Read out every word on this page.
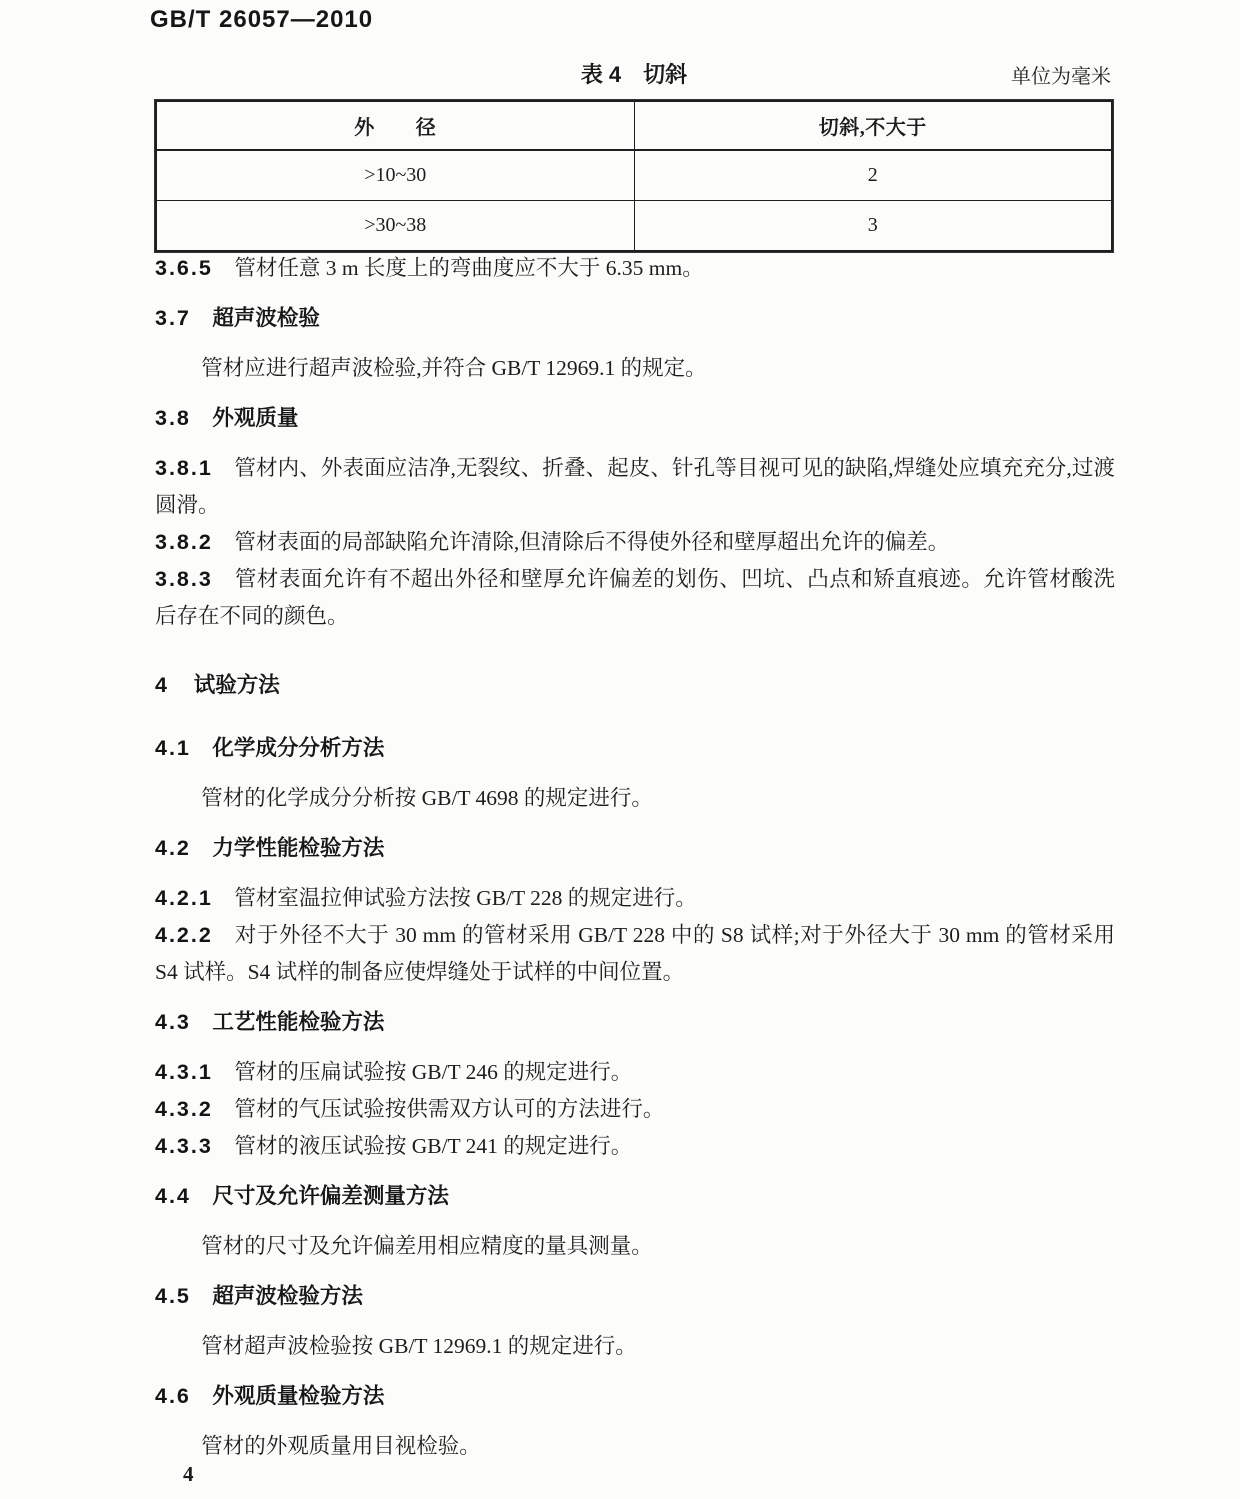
GB/T 26057—2010
表 4　切斜	单位为毫米
外　　径	切斜,不大于
>10~30	2
>30~38	3

3.6.5 管材任意 3 m 长度上的弯曲度应不大于 6.35 mm。

3.7 超声波检验

管材应进行超声波检验,并符合 GB/T 12969.1 的规定。

3.8 外观质量

3.8.1 管材内、外表面应洁净,无裂纹、折叠、起皮、针孔等目视可见的缺陷,焊缝处应填充充分,过渡圆滑。

3.8.2 管材表面的局部缺陷允许清除,但清除后不得使外径和壁厚超出允许的偏差。

3.8.3 管材表面允许有不超出外径和壁厚允许偏差的划伤、凹坑、凸点和矫直痕迹。允许管材酸洗后存在不同的颜色。

4 试验方法

4.1 化学成分分析方法

管材的化学成分分析按 GB/T 4698 的规定进行。

4.2 力学性能检验方法

4.2.1 管材室温拉伸试验方法按 GB/T 228 的规定进行。

4.2.2 对于外径不大于 30 mm 的管材采用 GB/T 228 中的 S8 试样;对于外径大于 30 mm 的管材采用 S4 试样。S4 试样的制备应使焊缝处于试样的中间位置。

4.3 工艺性能检验方法

4.3.1 管材的压扁试验按 GB/T 246 的规定进行。

4.3.2 管材的气压试验按供需双方认可的方法进行。

4.3.3 管材的液压试验按 GB/T 241 的规定进行。

4.4 尺寸及允许偏差测量方法

管材的尺寸及允许偏差用相应精度的量具测量。

4.5 超声波检验方法

管材超声波检验按 GB/T 12969.1 的规定进行。

4.6 外观质量检验方法

管材的外观质量用目视检验。

4
